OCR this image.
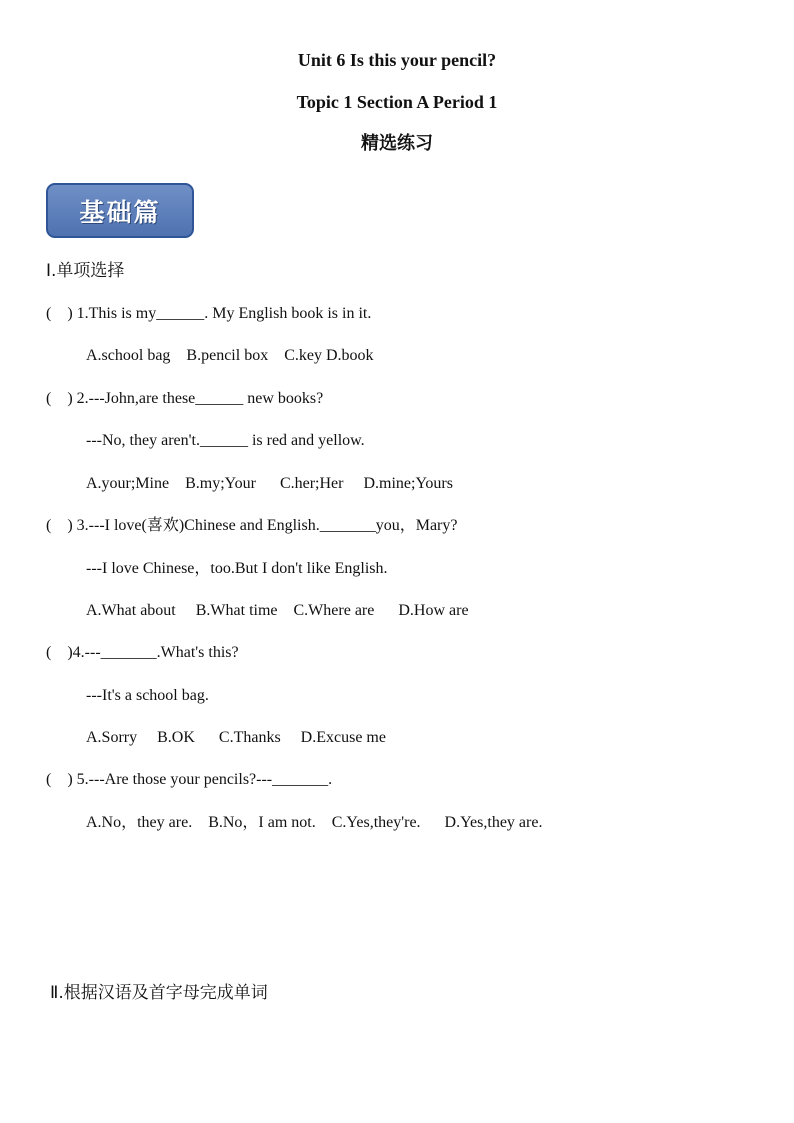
Unit 6 Is this your pencil?
Topic 1 Section A Period 1
精选练习
基础篇
I.单项选择
(    ) 1.This is my______. My English book is in it.
A.school bag    B.pencil box    C.key D.book
(    ) 2.---John,are these______ new books?
---No, they aren't.______ is red and yellow.
A.your;Mine    B.my;Your      C.her;Her     D.mine;Yours
(    ) 3.---I love(喜欢)Chinese and English._______you，Mary?
---I love Chinese，too.But I don't like English.
A.What about     B.What time    C.Where are      D.How are
(    )4.---_______.What's this?
---It's a school bag.
A.Sorry     B.OK      C.Thanks     D.Excuse me
(    ) 5.---Are those your pencils?---_______.
A.No，they are.    B.No，I am not.    C.Yes,they're.      D.Yes,they are.
Ⅱ.根据汉语及首字母完成单词
